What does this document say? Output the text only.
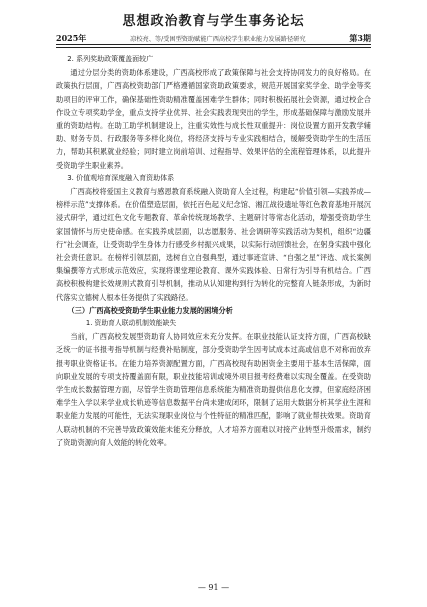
思想政治教育与学生事务论坛
2025年	凉校亮、等/受困型资助赋能广西高校学生职业能力发展路径研究	第3期
2. 系列奖助政策覆盖面较广

通过分层分类的资助体系建设，广西高校形成了政策保障与社会支持协同发力的良好格局。在政策执行层面，广西高校资助部门严格遵循国家资助政策要求，规范开展国家奖学金、助学金等奖助项目的评审工作，确保基础性资助精准覆盖困难学生群体；同时积极拓展社会资源，通过校企合作设立专项奖助学金，重点支持学业优异、社会实践表现突出的学生，形成基础保障与激励发展并重的资助结构。在助工助学机制建设上，注重实效性与成长性双重提升：岗位设置方面开发教学辅助、财务专员、行政服务等多样化岗位，将经济支持与专业实践相结合，缓解受资助学生的生活压力，帮助其积累就业经验；同时建立岗前培训、过程指导、效果评估的全流程管理体系，以此提升受资助学生职业素养。

3. 价值观培育深度融入育资助体系

广西高校将爱国主义教育与感恩教育系统融入资助育人全过程，构建起“价值引领—实践养成—榜样示范”支撑体系。在价值塑造层面，依托百色起义纪念馆、湘江战役遗址等红色教育基地开展沉浸式研学，通过红色文化专题教育、革命传统现场教学、主题研讨等常态化活动，增强受资助学生家国情怀与历史使命感。在实践养成层面，以志愿服务、社会调研等实践活动为契机，组织“边疆行”社会调查，让受资助学生身体力行感受乡村振兴成果，以实际行动回馈社会，在躬身实践中强化社会责任意识。在榜样引领层面，选树自立自强典型，通过事迹宣讲、“自强之星”评选、成长案例集编撰等方式形成示范效应，实现将课堂理论教育、课外实践体验、日常行为引导有机结合。广西高校积极构建长效规则式教育引导机制，推动从认知建构到行为转化的完整育人链条形成，为新时代落实立德树人根本任务提供了实践路径。

（三）广西高校受资助学生职业能力发展的困境分析
1. 资助育人联动机制效能缺失

当前，广西高校发展型资助育人协同效应未充分发挥。在职业技能认证支持方面，广西高校缺乏统一的证书报考指导机制与经费补贴制度，部分受资助学生因考试成本过高或信息不对称而放弃报考职业资格证书。在能力培养资源配置方面，广西高校现有助困资金主要用于基本生活保障，面向职业发展的专项支持覆盖面有限，职业技能培训或境外项目报考经费难以实现全覆盖。在受资助学生成长数据管理方面，尽管学生资助管理信息系统能为精准资助提供信息化支撑，但家庭经济困难学生入学以来学业成长轨迹等信息数据平台尚未建成闭环，限制了运用大数据分析其学业生涯和职业能力发展的可能性，无法实现职业岗位与个性特征的精准匹配，影响了就业帮扶效果。资助育人联动机制的不完善导致政策效能未能充分释放，人才培养方面难以对接产业转型升级需求，制约了资助资源向育人效能的转化效率。

— 91 —
